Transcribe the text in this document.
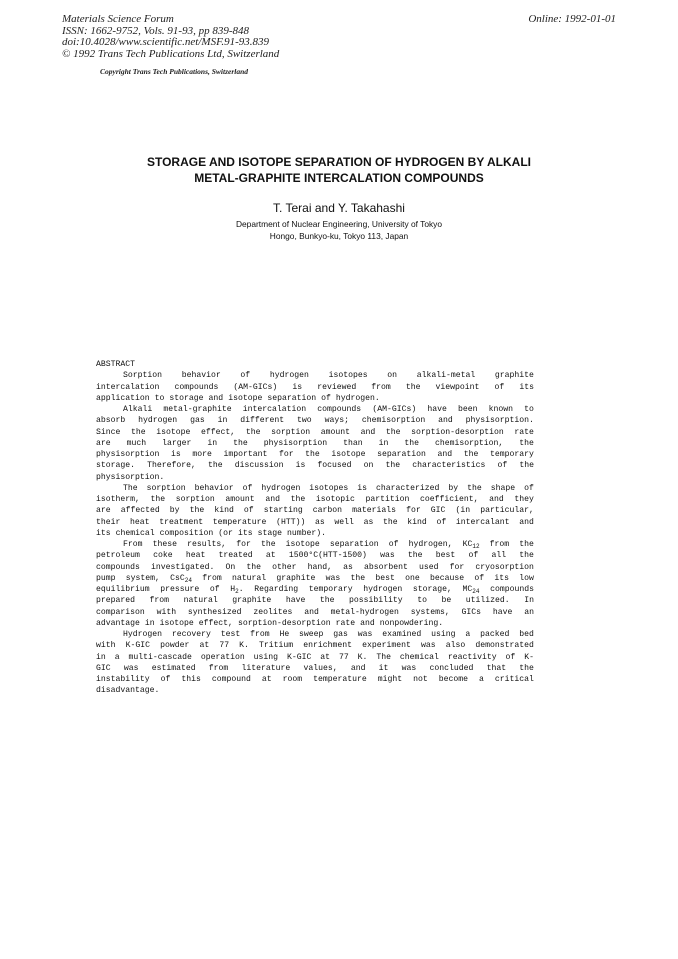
Materials Science Forum
ISSN: 1662-9752, Vols. 91-93, pp 839-848
doi:10.4028/www.scientific.net/MSF.91-93.839
© 1992 Trans Tech Publications Ltd, Switzerland
Online: 1992-01-01
Copyright Trans Tech Publications, Switzerland
STORAGE AND ISOTOPE SEPARATION OF HYDROGEN BY ALKALI
METAL-GRAPHITE INTERCALATION COMPOUNDS
T. Terai and Y. Takahashi
Department of Nuclear Engineering, University of Tokyo
Hongo, Bunkyo-ku, Tokyo 113, Japan
ABSTRACT
Sorption behavior of hydrogen isotopes on alkali-metal graphite
intercalation compounds (AM-GICs) is reviewed from the viewpoint of its
application to storage and isotope separation of hydrogen.
Alkali metal-graphite intercalation compounds (AM-GICs) have been known to
absorb hydrogen gas in different two ways; chemisorption and physisorption.
Since the isotope effect, the sorption amount and the sorption-desorption rate
are much larger in the physisorption than in the chemisorption, the
physisorption is more important for the isotope separation and the temporary
storage. Therefore, the discussion is focused on the characteristics of the
physisorption.
The sorption behavior of hydrogen isotopes is characterized by the shape of
isotherm, the sorption amount and the isotopic partition coefficient, and they
are affected by the kind of starting carbon materials for GIC (in particular,
their heat treatment temperature (HTT)) as well as the kind of intercalant and
its chemical composition (or its stage number).
From these results, for the isotope separation of hydrogen, $KC_{12}$ from the
petroleum coke heat treated at 1500°C(HTT-1500) was the best of all the
compounds investigated. On the other hand, as absorbent used for cryosorption
pump system, CsC$_{24}$ from natural graphite was the best one because of its low
equilibrium pressure of $H_2$. Regarding temporary hydrogen storage, $MC_{24}$ compounds
prepared from natural graphite have the possibility to be utilized. In
comparison with synthesized zeolites and metal-hydrogen systems, GICs have an
advantage in isotope effect, sorption-desorption rate and nonpowdering.
Hydrogen recovery test from He sweep gas was examined using a packed bed
with K-GIC powder at 77 K. Tritium enrichment experiment was also demonstrated
in a multi-cascade operation using K-GIC at 77 K. The chemical reactivity of K-
GIC was estimated from literature values, and it was concluded that the
instability of this compound at room temperature might not become a critical
disadvantage.
